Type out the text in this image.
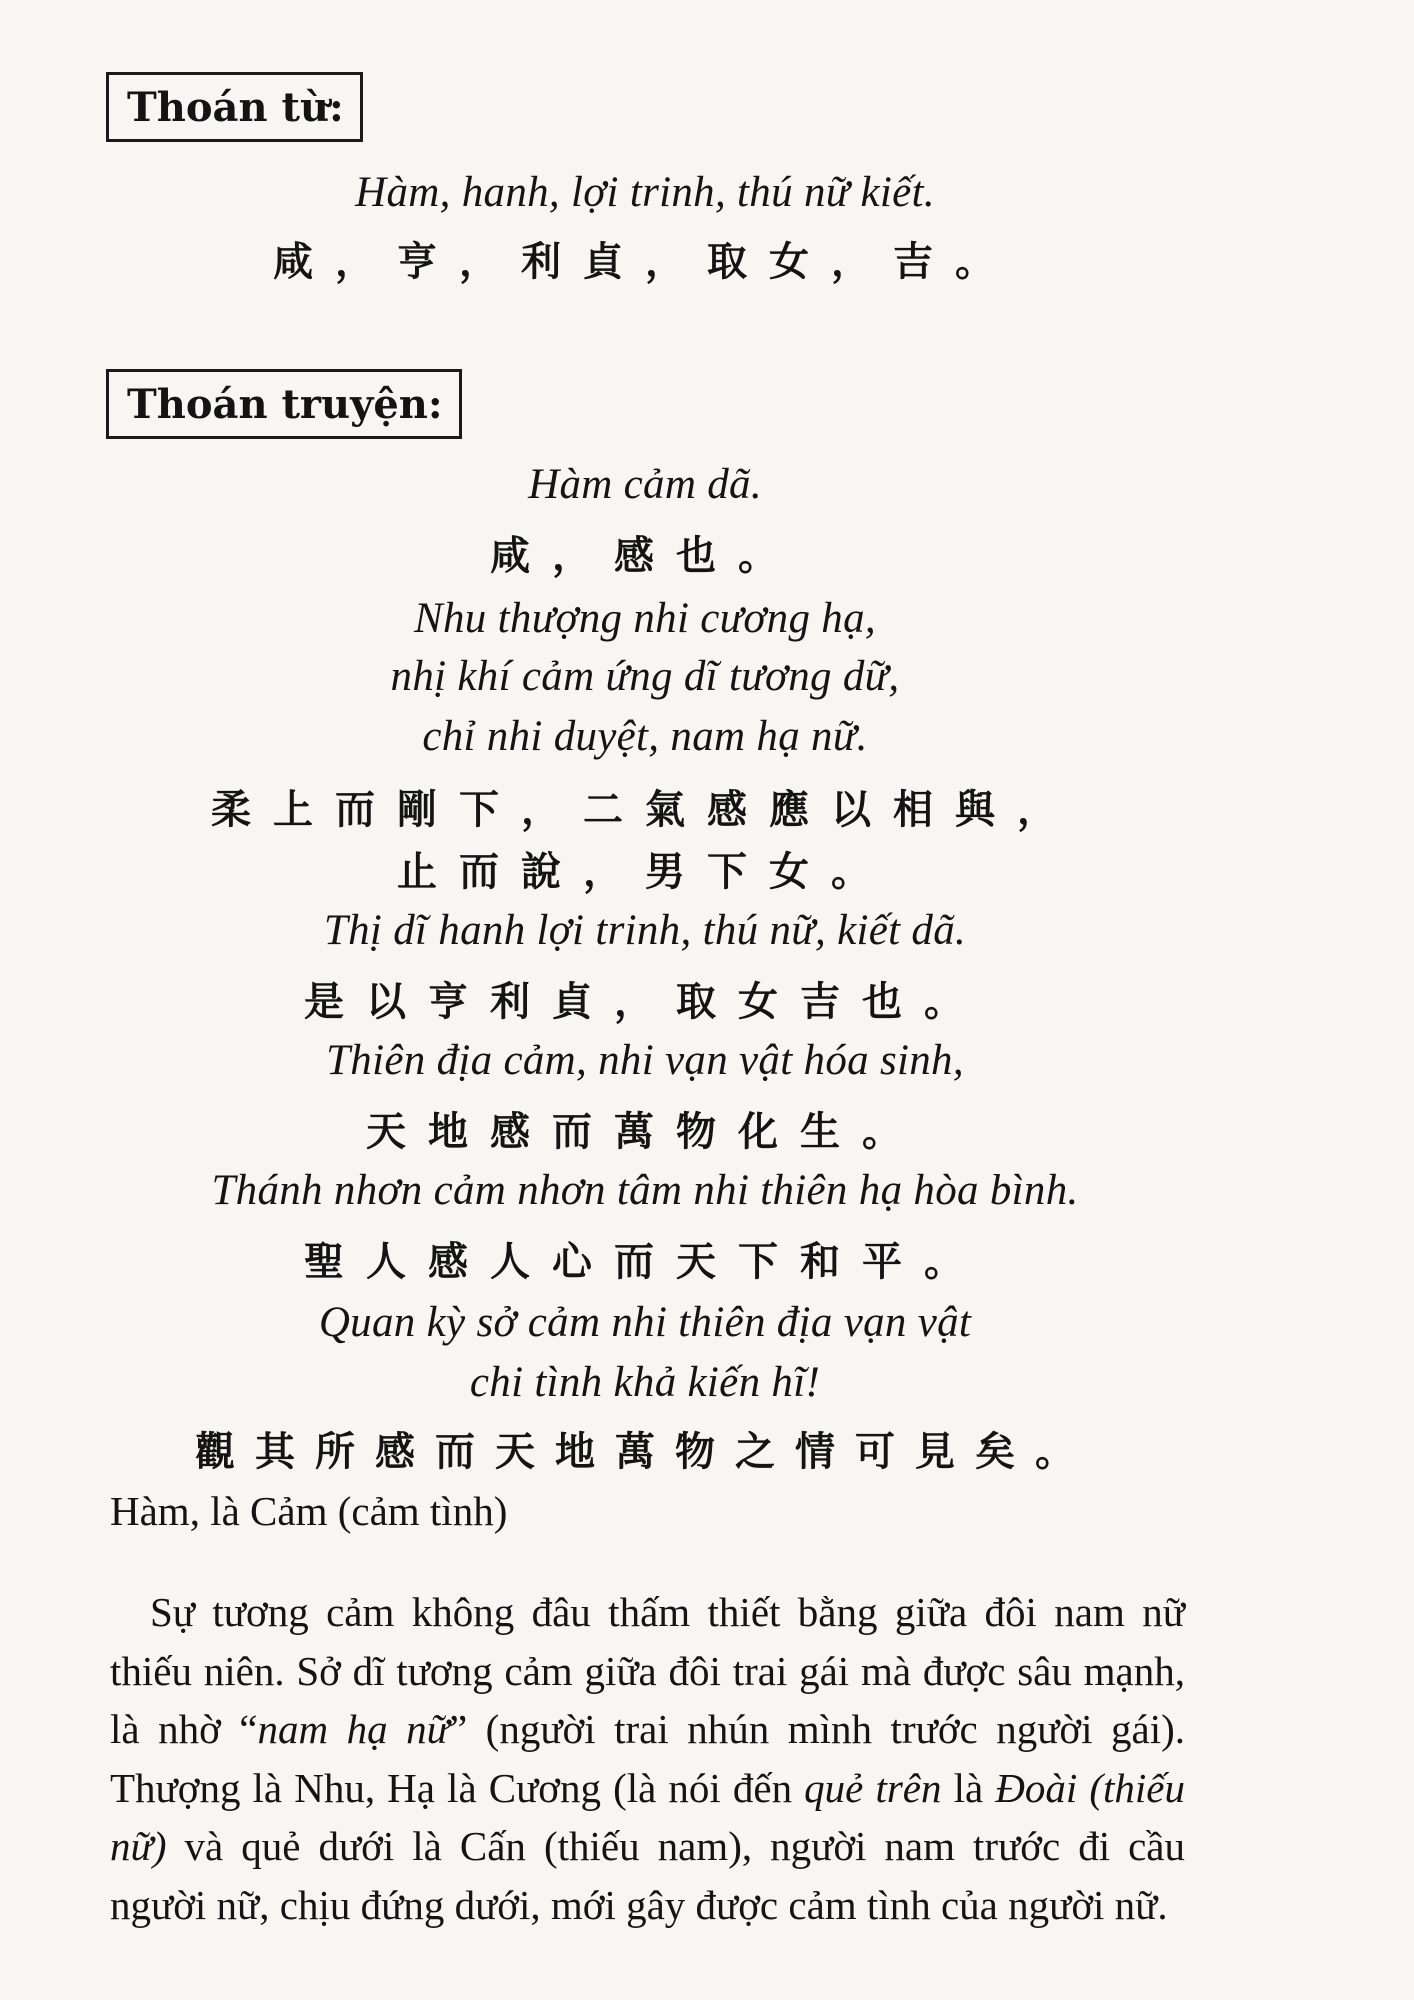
Thoán từ:
Hàm, hanh, lợi trinh, thú nữ kiết.
咸，亨，利貞，取女，吉。
Thoán truyện:
Hàm cảm dã.
咸，感也。
Nhu thượng nhi cương hạ,
nhị khí cảm ứng dĩ tương dữ,
chỉ nhi duyệt, nam hạ nữ.
柔上而剛下，二氣感應以相與，
止而說，男下女。
Thị dĩ hanh lợi trinh, thú nữ, kiết dã.
是以亨利貞，取女吉也。
Thiên địa cảm, nhi vạn vật hóa sinh,
天地感而萬物化生。
Thánh nhơn cảm nhơn tâm nhi thiên hạ hòa bình.
聖人感人心而天下和平。
Quan kỳ sở cảm nhi thiên địa vạn vật
chi tình khả kiến hĩ!
觀其所感而天地萬物之情可見矣。
Hàm, là Cảm (cảm tình)
Sự tương cảm không đâu thấm thiết bằng giữa đôi nam nữ thiếu niên. Sở dĩ tương cảm giữa đôi trai gái mà được sâu mạnh, là nhờ “nam hạ nữ” (người trai nhún mình trước người gái). Thượng là Nhu, Hạ là Cương (là nói đến quẻ trên là Đoài (thiếu nữ) và quẻ dưới là Cấn (thiếu nam), người nam trước đi cầu người nữ, chịu đứng dưới, mới gây được cảm tình của người nữ.
